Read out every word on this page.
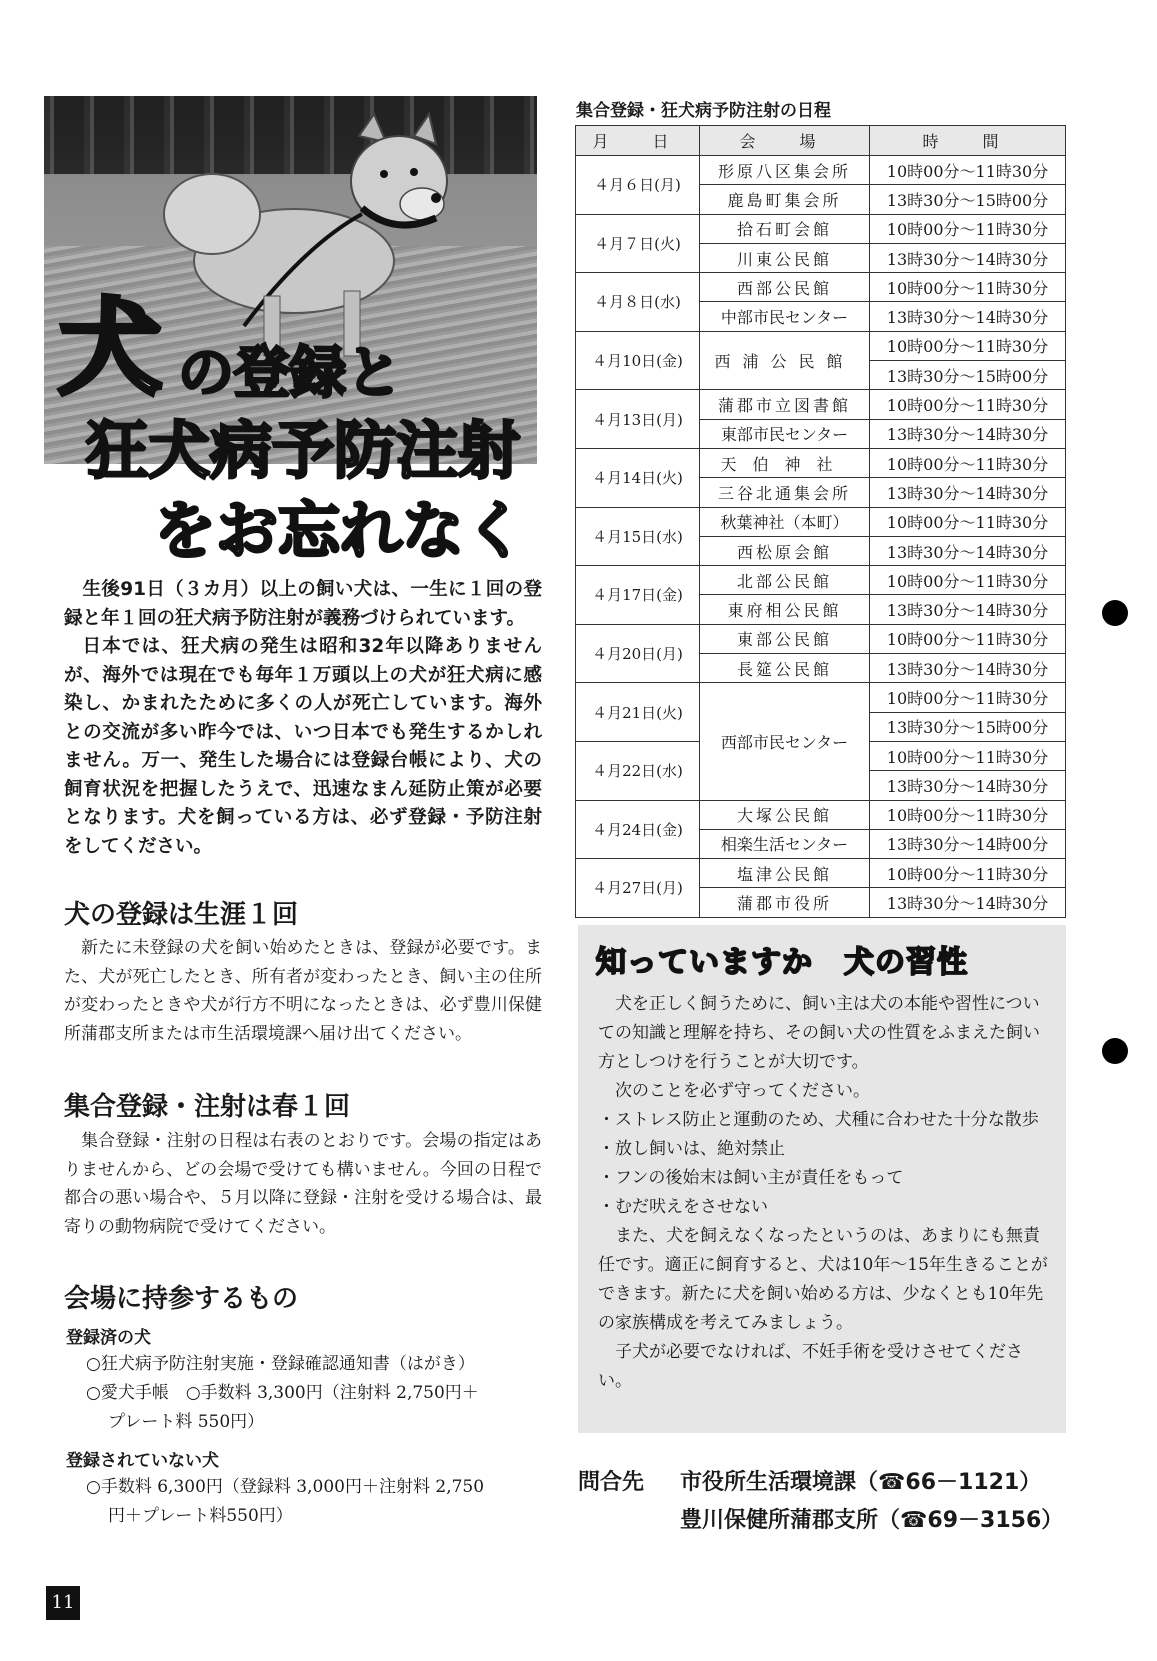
犬 の登録と
狂犬病予防注射
をお忘れなく

生後91日（３カ月）以上の飼い犬は、一生に１回の登録と年１回の狂犬病予防注射が義務づけられています。

日本では、狂犬病の発生は昭和32年以降ありませんが、海外では現在でも毎年１万頭以上の犬が狂犬病に感染し、かまれたために多くの人が死亡しています。海外との交流が多い昨今では、いつ日本でも発生するかしれません。万一、発生した場合には登録台帳により、犬の飼育状況を把握したうえで、迅速なまん延防止策が必要となります。犬を飼っている方は、必ず登録・予防注射をしてください。

犬の登録は生涯１回

新たに未登録の犬を飼い始めたときは、登録が必要です。また、犬が死亡したとき、所有者が変わったとき、飼い主の住所が変わったときや犬が行方不明になったときは、必ず豊川保健所蒲郡支所または市生活環境課へ届け出てください。

集合登録・注射は春１回

集合登録・注射の日程は右表のとおりです。会場の指定はありませんから、どの会場で受けても構いません。今回の日程で都合の悪い場合や、５月以降に登録・注射を受ける場合は、最寄りの動物病院で受けてください。

会場に持参するもの
登録済の犬
○狂犬病予防注射実施・登録確認通知書（はがき）
○愛犬手帳　○手数料 3,300円（注射料 2,750円＋
プレート料 550円）
登録されていない犬
○手数料 6,300円（登録料 3,000円＋注射料 2,750
円＋プレート料550円）
集合登録・狂犬病予防注射の日程
月　日	会　場	時　間
４月６日(月)	形原八区集会所	10時00分～11時30分
	鹿島町集会所	13時30分～15時00分
４月７日(火)	拾石町会館	10時00分～11時30分
	川東公民館	13時30分～14時30分
４月８日(水)	西部公民館	10時00分～11時30分
	中部市民センター	13時30分～14時30分
４月10日(金)	西浦公民館	10時00分～11時30分
		13時30分～15時00分
４月13日(月)	蒲郡市立図書館	10時00分～11時30分
	東部市民センター	13時30分～14時30分
４月14日(火)	天伯神社	10時00分～11時30分
	三谷北通集会所	13時30分～14時30分
４月15日(水)	秋葉神社（本町）	10時00分～11時30分
	西松原会館	13時30分～14時30分
４月17日(金)	北部公民館	10時00分～11時30分
	東府相公民館	13時30分～14時30分
４月20日(月)	東部公民館	10時00分～11時30分
	長筵公民館	13時30分～14時30分
４月21日(火)	西部市民センター	10時00分～11時30分
		13時30分～15時00分
４月22日(水)		10時00分～11時30分
		13時30分～14時30分
４月24日(金)	大塚公民館	10時00分～11時30分
	相楽生活センター	13時30分～14時00分
４月27日(月)	塩津公民館	10時00分～11時30分
	蒲郡市役所	13時30分～14時30分
知っていますか　犬の習性

犬を正しく飼うために、飼い主は犬の本能や習性についての知識と理解を持ち、その飼い犬の性質をふまえた飼い方としつけを行うことが大切です。

次のことを必ず守ってください。

・ストレス防止と運動のため、犬種に合わせた十分な散歩

・放し飼いは、絶対禁止

・フンの後始末は飼い主が責任をもって

・むだ吠えをさせない

また、犬を飼えなくなったというのは、あまりにも無責任です。適正に飼育すると、犬は10年～15年生きることができます。新たに犬を飼い始める方は、少なくとも10年先の家族構成を考えてみましょう。

子犬が必要でなければ、不妊手術を受けさせてください。

問合先	市役所生活環境課（☎66－1121）
豊川保健所蒲郡支所（☎69－3156）
11
